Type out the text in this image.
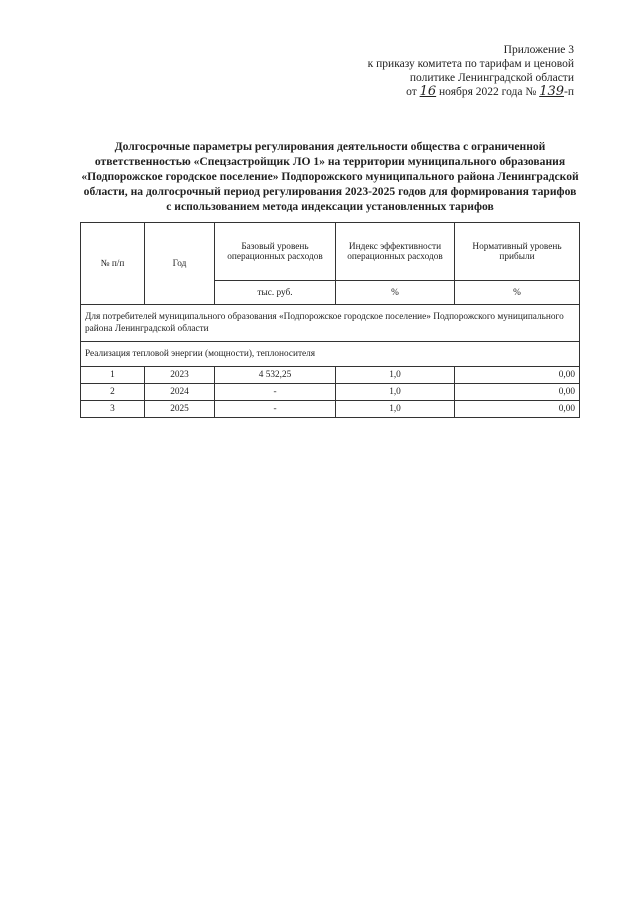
Приложение 3
к приказу комитета по тарифам и ценовой
политике Ленинградской области
от 16 ноября 2022 года № 139-п
Долгосрочные параметры регулирования деятельности общества с ограниченной ответственностью «Спецзастройщик ЛО 1» на территории муниципального образования «Подпорожское городское поселение» Подпорожского муниципального района Ленинградской области, на долгосрочный период регулирования 2023-2025 годов для формирования тарифов с использованием метода индексации установленных тарифов
№ п/п	Год	Базовый уровень операционных расходов	Индекс эффективности операционных расходов	Нормативный уровень прибыли
		тыс. руб.	%	%
Для потребителей муниципального образования «Подпорожское городское поселение» Подпорожского муниципального района Ленинградской области				
Реализация тепловой энергии (мощности), теплоносителя				
1	2023	4 532,25	1,0	0,00
2	2024	-	1,0	0,00
3	2025	-	1,0	0,00
